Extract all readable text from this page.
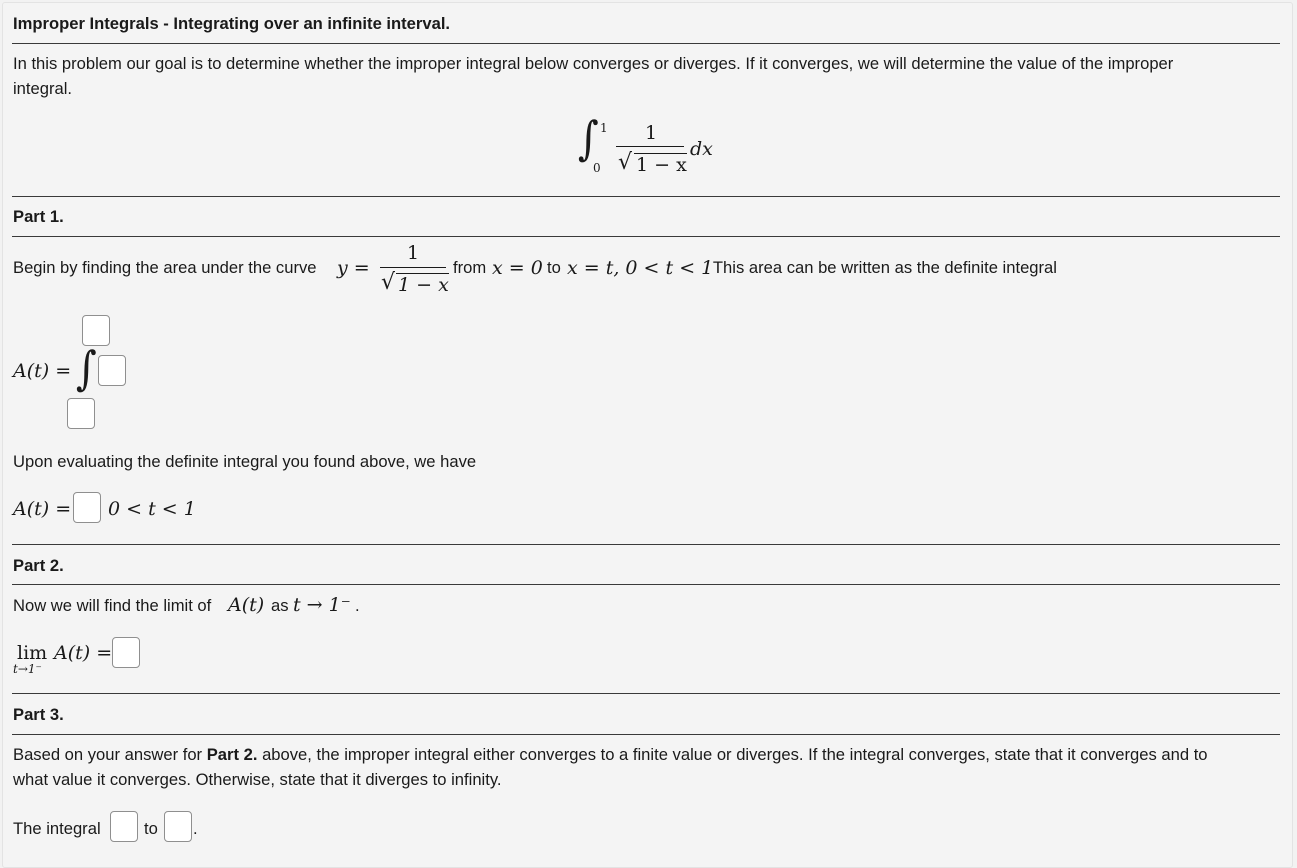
Improper Integrals - Integrating over an infinite interval.
In this problem our goal is to determine whether the improper integral below converges or diverges. If it converges, we will determine the value of the improper
integral.
∫ 1
0
1
√ 1 − x
dx
Part 1.
Begin by finding the area under the curve y =
1
√ 1 − x
from x = 0 to x = t, 0 < t < 1
. This area can be written as the definite integral
A(t) = ∫
Upon evaluating the definite integral you found above, we have
A(t) = 0 < t < 1
Part 2.
Now we will find the limit of A(t) as t → 1⁻ .
lim
t→1⁻
A(t) =
Part 3.
Based on your answer for Part 2. above, the improper integral either converges to a finite value or diverges. If the integral converges, state that it converges and to
what value it converges. Otherwise, state that it diverges to infinity.
The integral	to .
